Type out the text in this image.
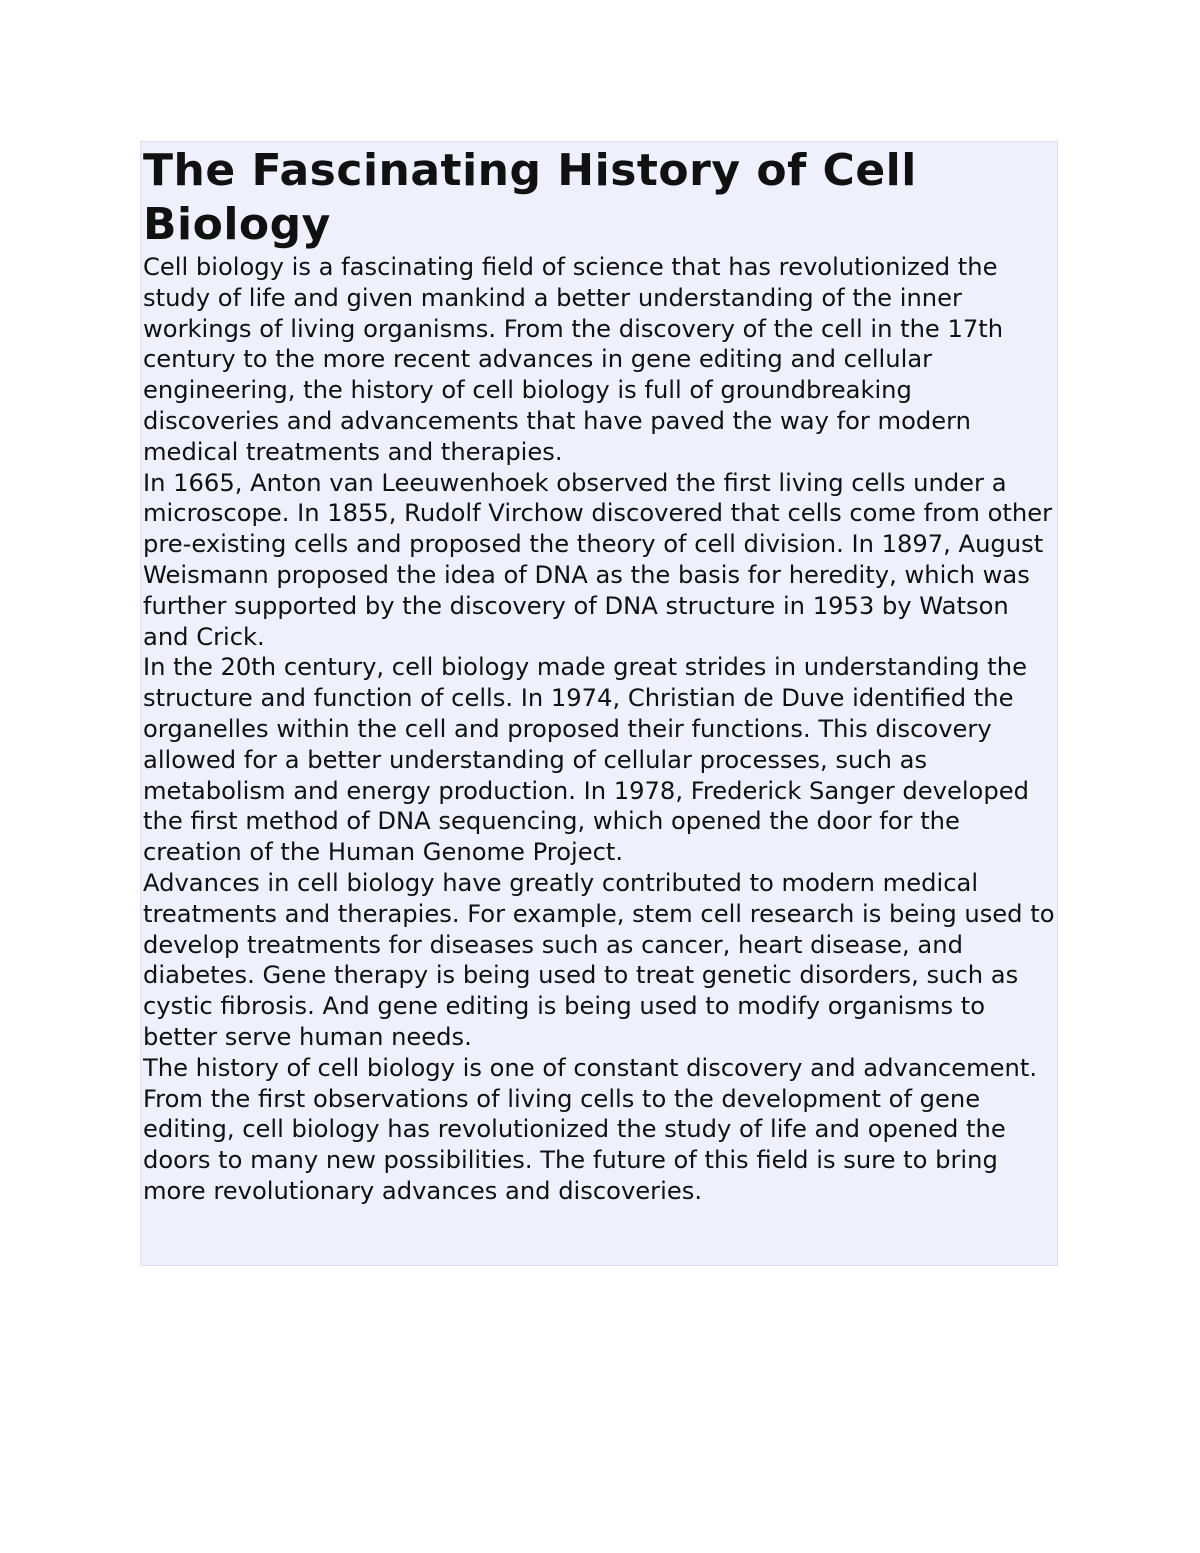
The Fascinating History of Cell Biology

Cell biology is a fascinating field of science that has revolutionized the study of life and given mankind a better understanding of the inner workings of living organisms. From the discovery of the cell in the 17th century to the more recent advances in gene editing and cellular engineering, the history of cell biology is full of groundbreaking discoveries and advancements that have paved the way for modern medical treatments and therapies.

In 1665, Anton van Leeuwenhoek observed the first living cells under a microscope. In 1855, Rudolf Virchow discovered that cells come from other pre-existing cells and proposed the theory of cell division. In 1897, August Weismann proposed the idea of DNA as the basis for heredity, which was further supported by the discovery of DNA structure in 1953 by Watson and Crick.

In the 20th century, cell biology made great strides in understanding the structure and function of cells. In 1974, Christian de Duve identified the organelles within the cell and proposed their functions. This discovery allowed for a better understanding of cellular processes, such as metabolism and energy production. In 1978, Frederick Sanger developed the first method of DNA sequencing, which opened the door for the creation of the Human Genome Project.

Advances in cell biology have greatly contributed to modern medical treatments and therapies. For example, stem cell research is being used to develop treatments for diseases such as cancer, heart disease, and diabetes. Gene therapy is being used to treat genetic disorders, such as cystic fibrosis. And gene editing is being used to modify organisms to better serve human needs.

The history of cell biology is one of constant discovery and advancement. From the first observations of living cells to the development of gene editing, cell biology has revolutionized the study of life and opened the doors to many new possibilities. The future of this field is sure to bring more revolutionary advances and discoveries.
